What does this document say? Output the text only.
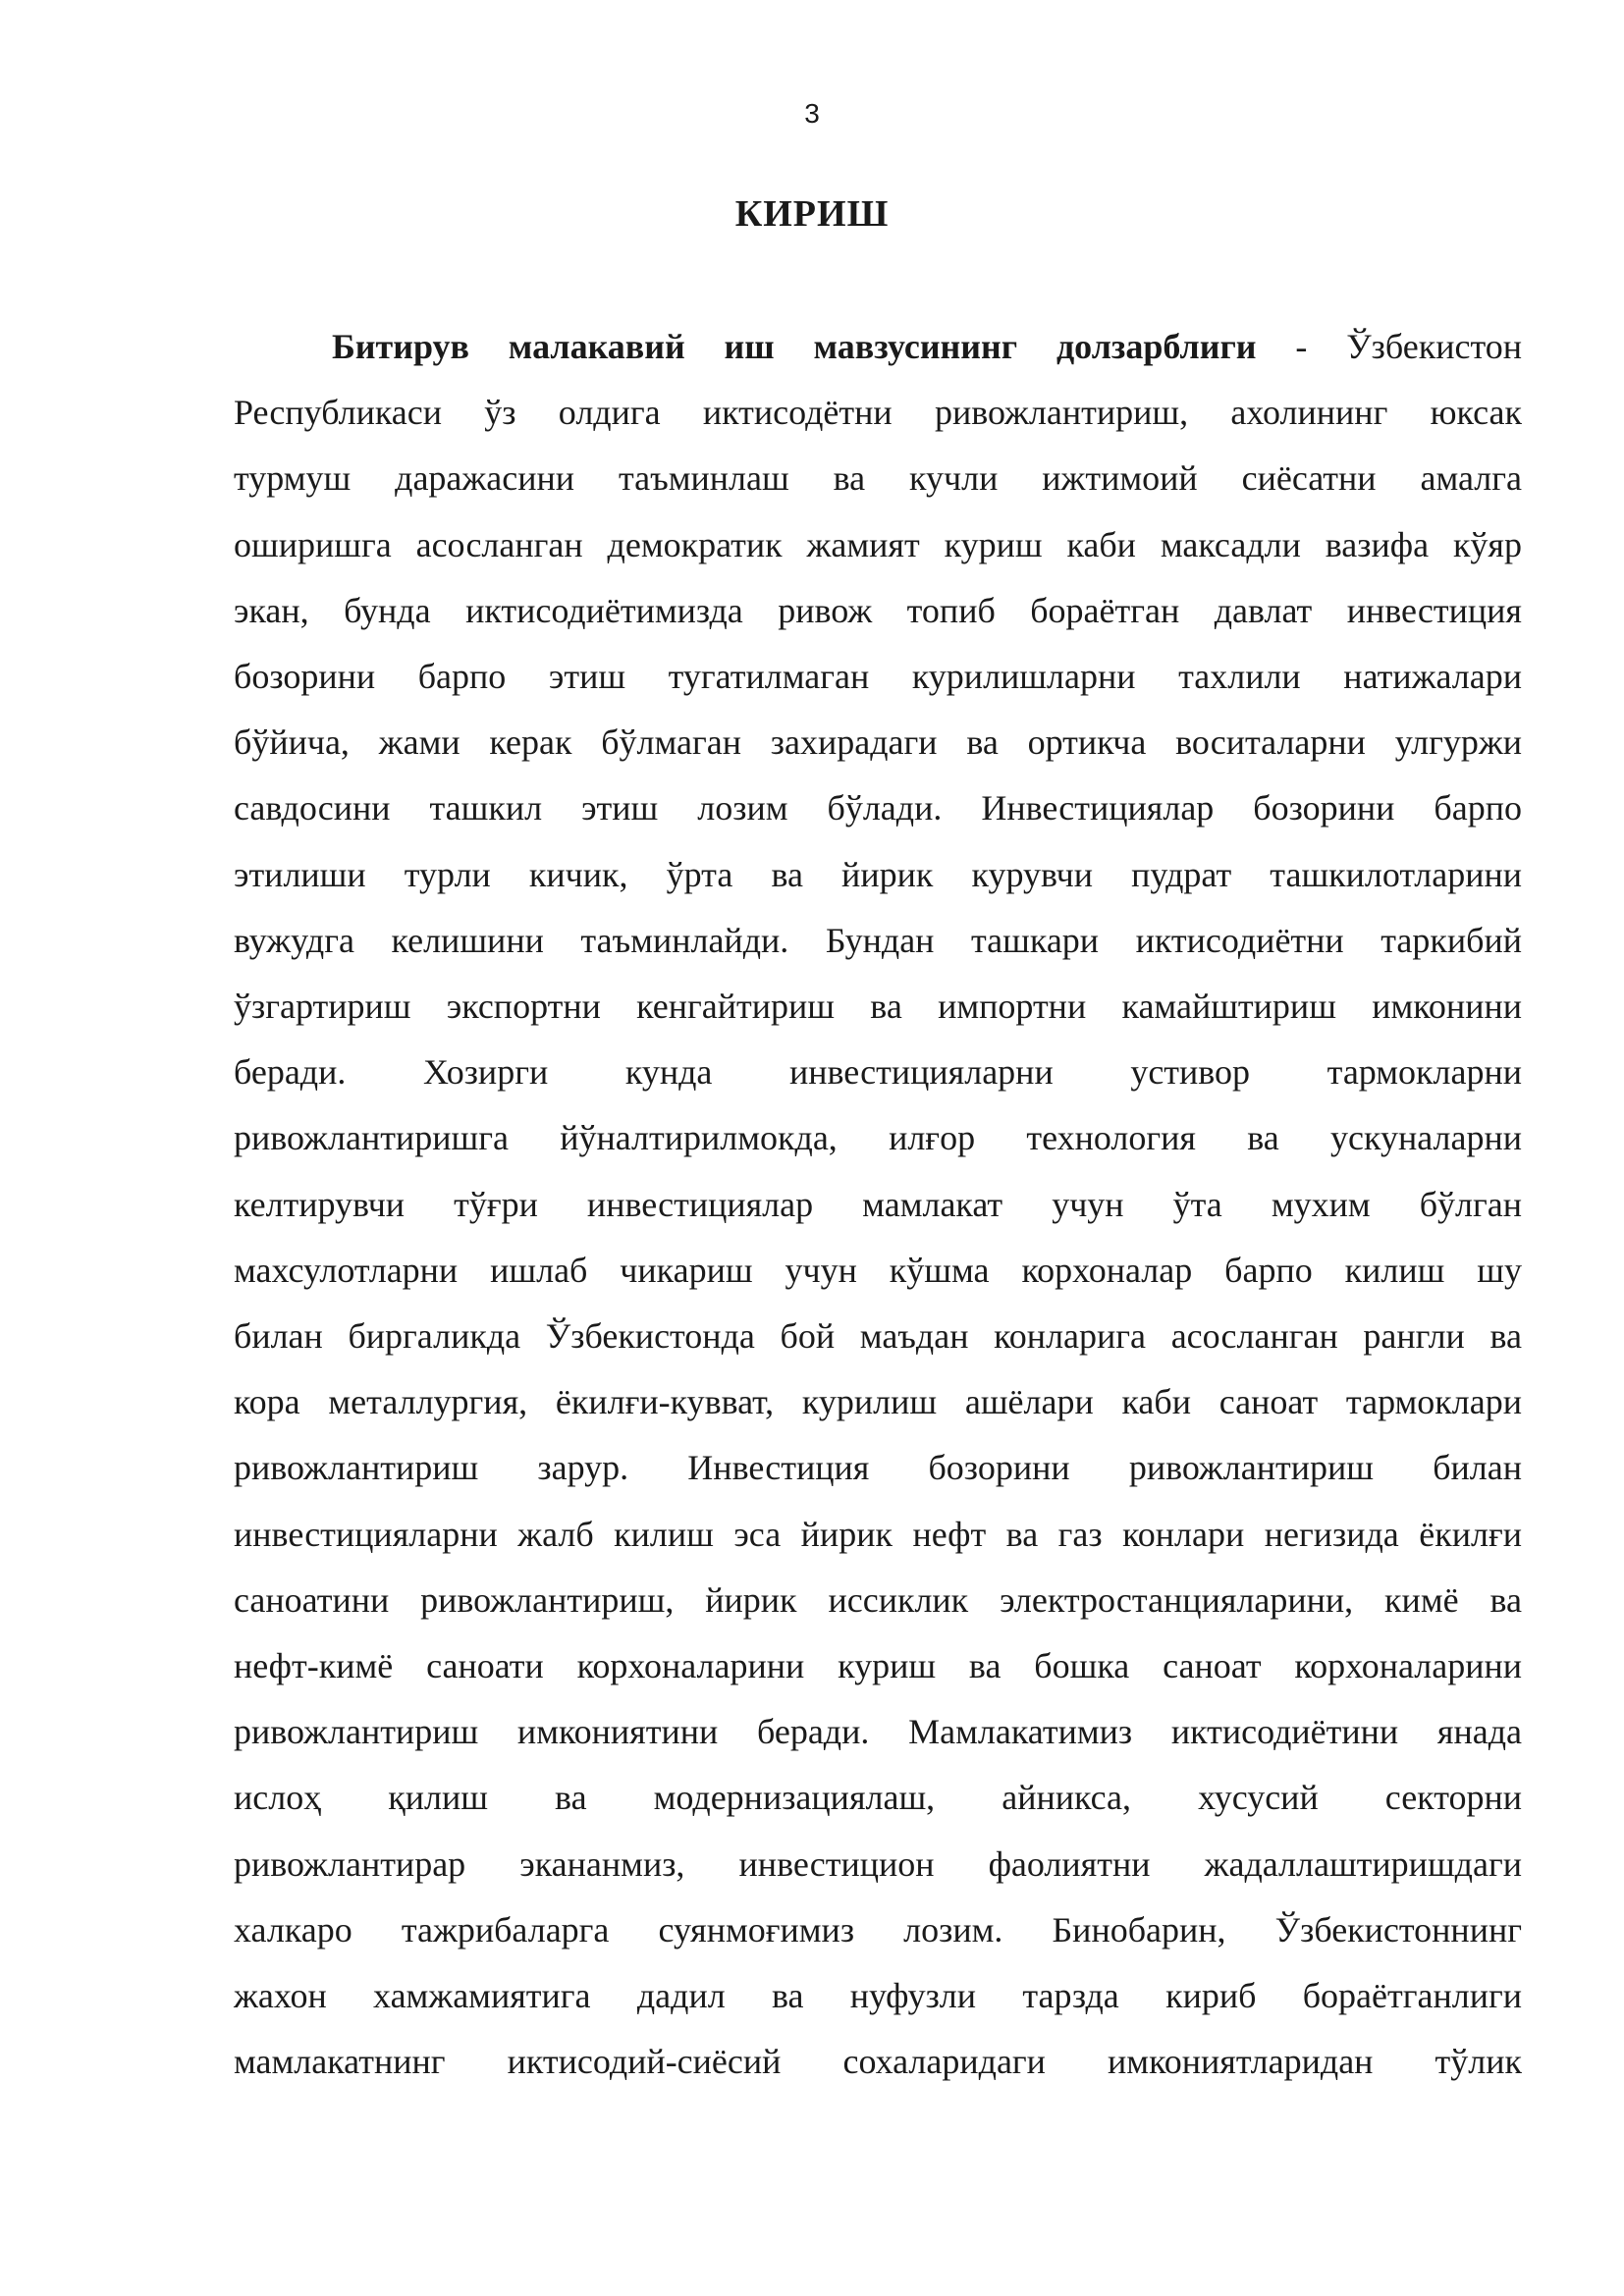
3
КИРИШ
Битирув малакавий иш мавзусининг долзарблиги - Ўзбекистон
Республикаси ўз олдига иктисодётни ривожлантириш, ахолининг юксак
турмуш даражасини таъминлаш ва кучли ижтимоий сиёсатни амалга
оширишга асосланган демократик жамият куриш каби максадли вазифа кўяр
экан, бунда иктисодиётимизда ривож топиб бораётган давлат инвестиция
бозорини барпо этиш тугатилмаган курилишларни тахлили натижалари
бўйича, жами керак бўлмаган захирадаги ва ортикча воситаларни улгуржи
савдосини ташкил этиш лозим бўлади. Инвестициялар бозорини барпо
этилиши турли кичик, ўрта ва йирик курувчи пудрат ташкилотларини
вужудга келишини таъминлайди. Бундан ташкари иктисодиётни таркибий
ўзгартириш экспортни кенгайтириш ва импортни камайштириш имконини
беради. Хозирги кунда инвестицияларни устивор тармокларни
ривожлантиришга йўналтирилмокда, илғор технология ва ускуналарни
келтирувчи тўғри инвестициялар мамлакат учун ўта мухим бўлган
махсулотларни ишлаб чикариш учун кўшма корхоналар барпо килиш шу
билан биргаликда Ўзбекистонда бой маъдан конларига асосланган рангли ва
кора металлургия, ёкилғи-кувват, курилиш ашёлари каби саноат тармоклари
ривожлантириш зарур. Инвестиция бозорини ривожлантириш билан
инвестицияларни жалб килиш эса йирик нефт ва газ конлари негизида ёкилғи
саноатини ривожлантириш, йирик иссиклик электростанцияларини, кимё ва
нефт-кимё саноати корхоналарини куриш ва бошка саноат корхоналарини
ривожлантириш имкониятини беради. Мамлакатимиз иктисодиётини янада
ислоҳ қилиш ва модернизациялаш, айникса, хусусий секторни
ривожлантирар экананмиз, инвестицион фаолиятни жадаллаштиришдаги
халкаро тажрибаларга суянмоғимиз лозим. Бинобарин, Ўзбекистоннинг
жахон хамжамиятига дадил ва нуфузли тарзда кириб бораётганлиги
мамлакатнинг иктисодий-сиёсий сохаларидаги имкониятларидан тўлик
